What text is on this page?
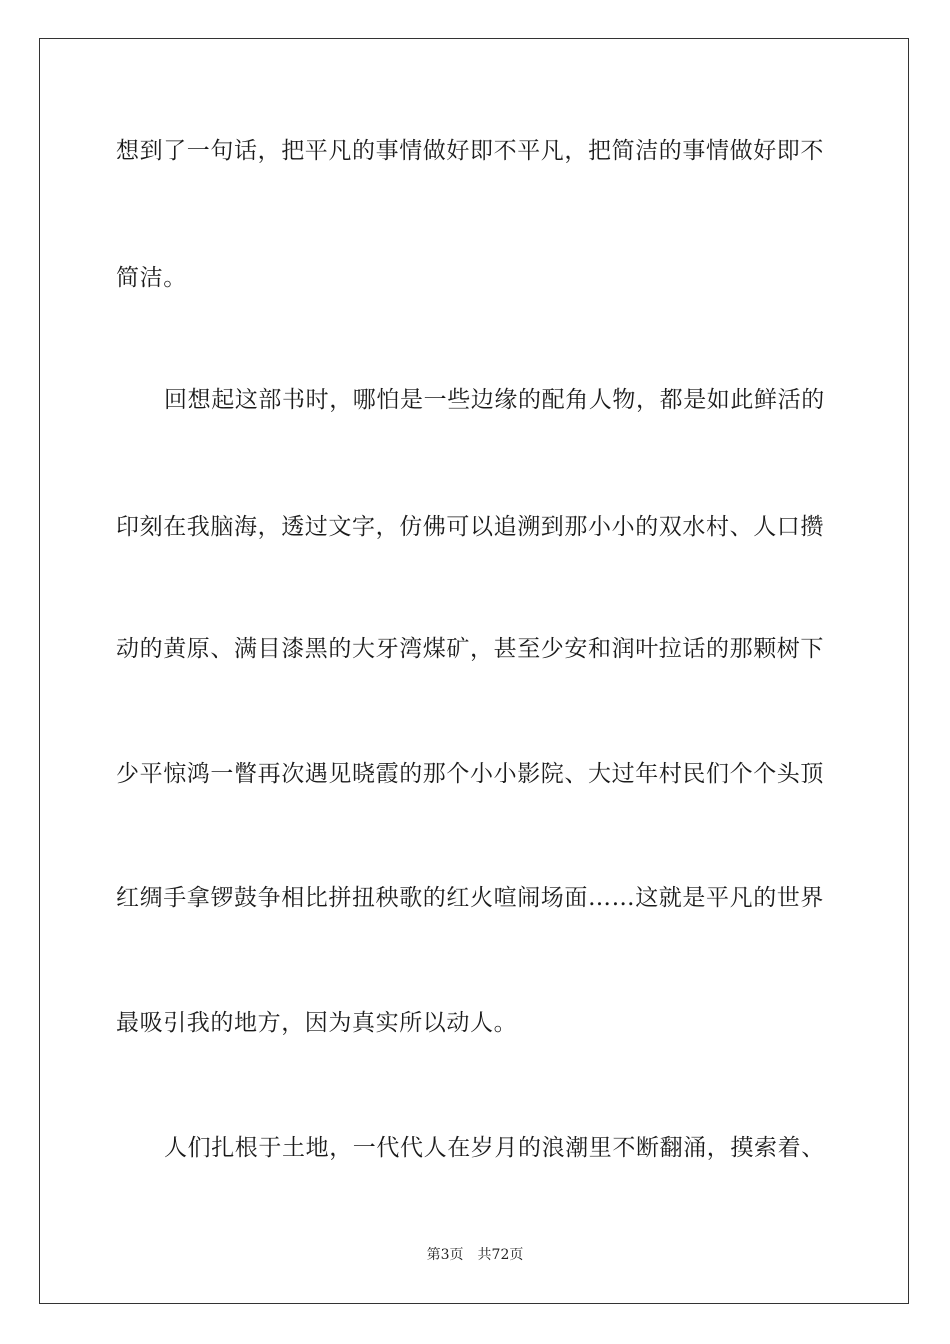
想到了一句话，把平凡的事情做好即不平凡，把简洁的事情做好即不
简洁。
回想起这部书时，哪怕是一些边缘的配角人物，都是如此鲜活的
印刻在我脑海，透过文字，仿佛可以追溯到那小小的双水村、人口攒
动的黄原、满目漆黑的大牙湾煤矿，甚至少安和润叶拉话的那颗树下
少平惊鸿一瞥再次遇见晓霞的那个小小影院、大过年村民们个个头顶
红绸手拿锣鼓争相比拼扭秧歌的红火喧闹场面……这就是平凡的世界
最吸引我的地方，因为真实所以动人。
人们扎根于土地，一代代人在岁月的浪潮里不断翻涌，摸索着、
第3页 共72页
